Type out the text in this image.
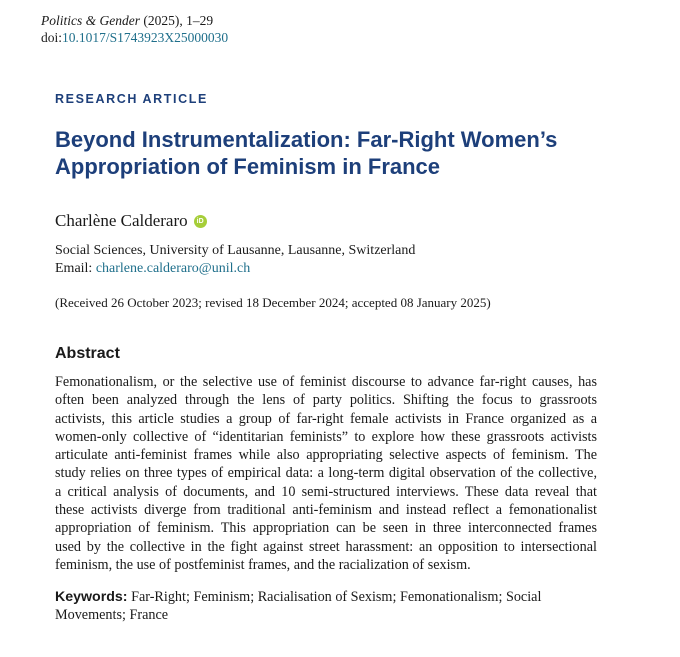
Politics & Gender (2025), 1–29
doi:10.1017/S1743923X25000030
RESEARCH ARTICLE
Beyond Instrumentalization: Far-Right Women’s
Appropriation of Feminism in France
Charlène Calderaro	iD
Social Sciences, University of Lausanne, Lausanne, Switzerland
Email: charlene.calderaro@unil.ch
(Received 26 October 2023; revised 18 December 2024; accepted 08 January 2025)
Abstract
Femonationalism, or the selective use of feminist discourse to advance far-right causes, has
often been analyzed through the lens of party politics. Shifting the focus to grassroots
activists, this article studies a group of far-right female activists in France organized as a
women-only collective of “identitarian feminists” to explore how these grassroots activists
articulate anti-feminist frames while also appropriating selective aspects of feminism. The
study relies on three types of empirical data: a long-term digital observation of the collective,
a critical analysis of documents, and 10 semi-structured interviews. These data reveal that
these activists diverge from traditional anti-feminism and instead reflect a femonationalist
appropriation of feminism. This appropriation can be seen in three interconnected frames
used by the collective in the fight against street harassment: an opposition to intersectional
feminism, the use of postfeminist frames, and the racialization of sexism.
Keywords: Far-Right; Feminism; Racialisation of Sexism; Femonationalism; Social Movements; France
